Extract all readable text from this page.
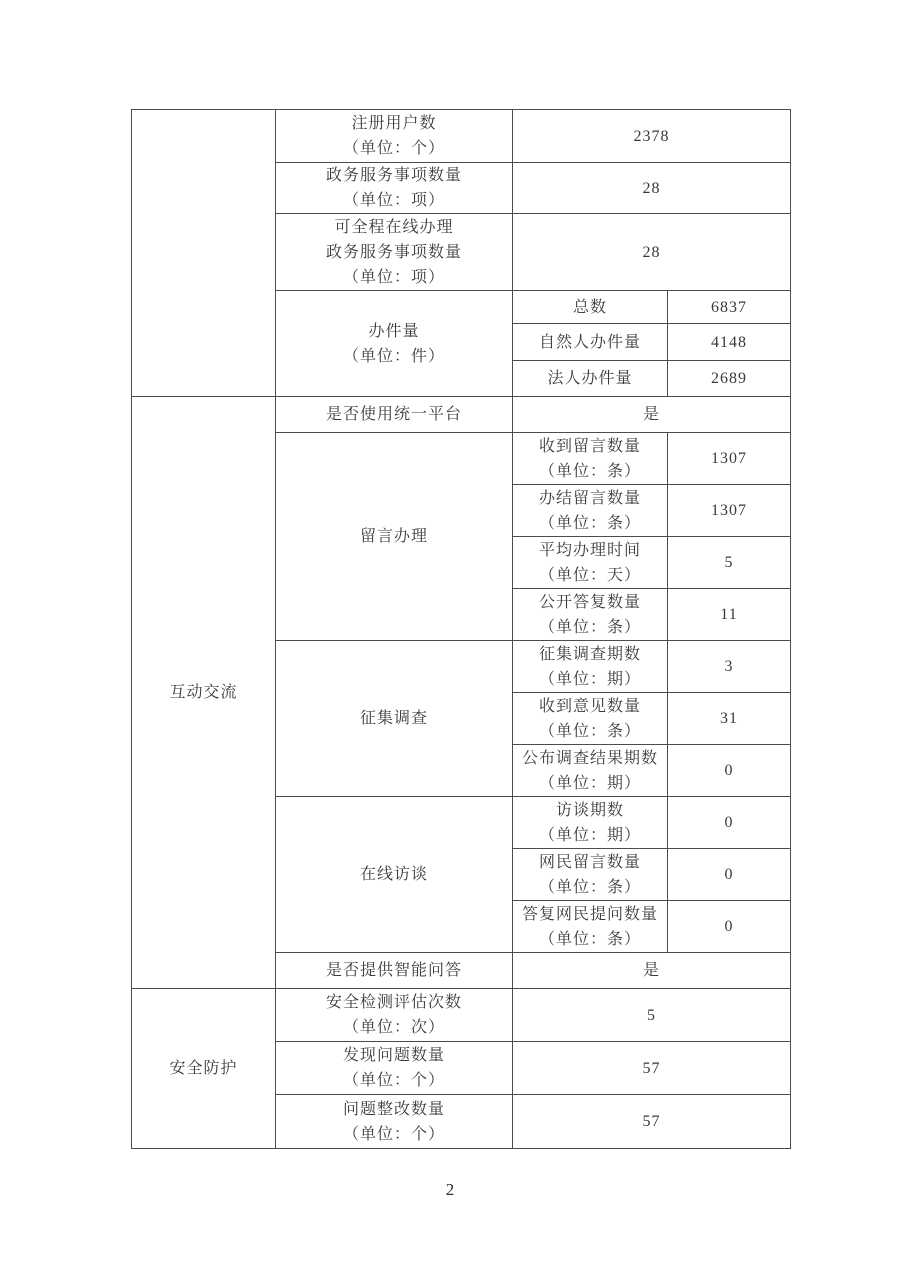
	注册用户数
（单位：个）	2378	

	政务服务事项数量
（单位：项）	28	

	可全程在线办理
政务服务事项数量
（单位：项）	28	

	办件量
（单位：件）	总数	6837
		自然人办件量	4148
		法人办件量	2689
互动交流	是否使用统一平台	是	
	留言办理	收到留言数量
（单位：条）	1307

		办结留言数量
（单位：条）	1307

		平均办理时间
（单位：天）	5

		公开答复数量
（单位：条）	11
	征集调查	征集调查期数
（单位：期）	3

		收到意见数量
（单位：条）	31

		公布调查结果期数
（单位：期）	0
	在线访谈	访谈期数
（单位：期）	0

		网民留言数量
（单位：条）	0

		答复网民提问数量
（单位：条）	0
	是否提供智能问答	是	
安全防护	安全检测评估次数
（单位：次）	5	

	发现问题数量
（单位：个）	57	

	问题整改数量
（单位：个）	57	
2
